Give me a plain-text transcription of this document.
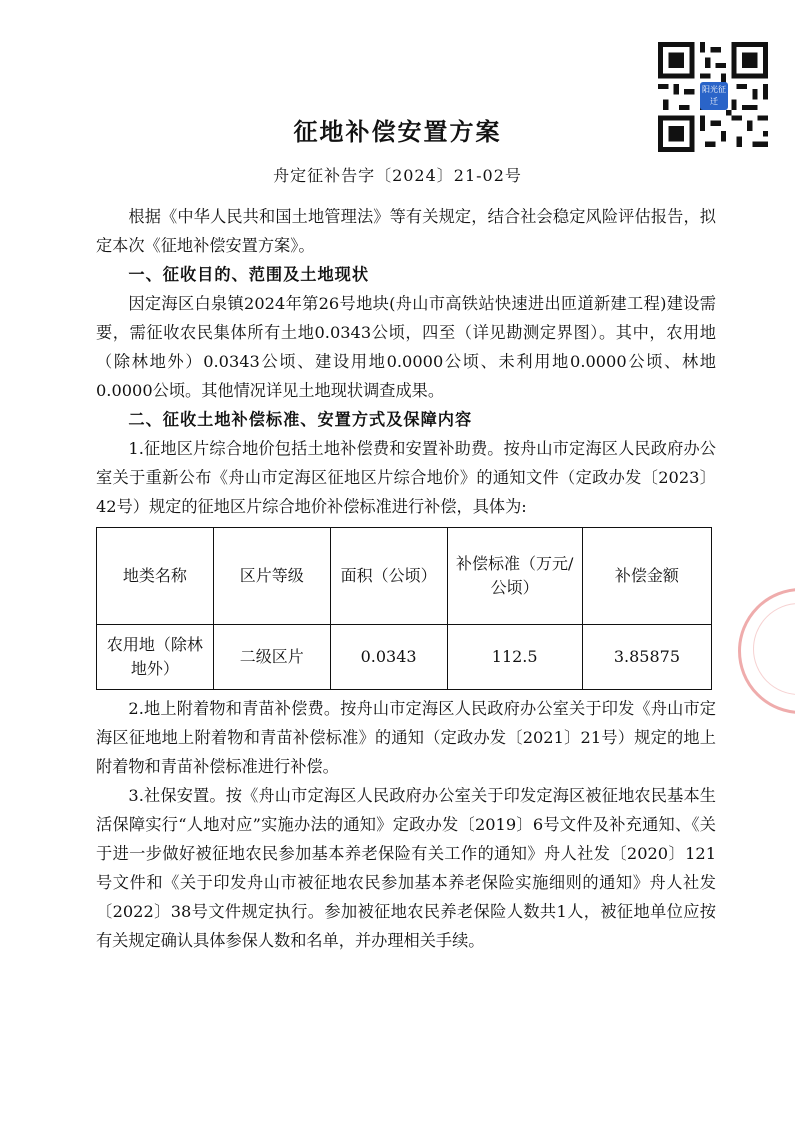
阳光征迁
征地补偿安置方案
舟定征补告字〔2024〕21-02号

根据《中华人民共和国土地管理法》等有关规定，结合社会稳定风险评估报告，拟定本次《征地补偿安置方案》。

一、征收目的、范围及土地现状

因定海区白泉镇2024年第26号地块(舟山市高铁站快速进出匝道新建工程)建设需要，需征收农民集体所有土地0.0343公顷，四至（详见勘测定界图）。其中，农用地（除林地外）0.0343公顷、建设用地0.0000公顷、未利用地0.0000公顷、林地0.0000公顷。其他情况详见土地现状调查成果。

二、征收土地补偿标准、安置方式及保障内容

1.征地区片综合地价包括土地补偿费和安置补助费。按舟山市定海区人民政府办公室关于重新公布《舟山市定海区征地区片综合地价》的通知文件（定政办发〔2023〕42号）规定的征地区片综合地价补偿标准进行补偿，具体为:

地类名称	区片等级	面积（公顷）	补偿标准（万元/公顷）	补偿金额
农用地（除林地外）	二级区片	0.0343	112.5	3.85875

2.地上附着物和青苗补偿费。按舟山市定海区人民政府办公室关于印发《舟山市定海区征地地上附着物和青苗补偿标准》的通知（定政办发〔2021〕21号）规定的地上附着物和青苗补偿标准进行补偿。

3.社保安置。按《舟山市定海区人民政府办公室关于印发定海区被征地农民基本生活保障实行“人地对应”实施办法的通知》定政办发〔2019〕6号文件及补充通知、《关于进一步做好被征地农民参加基本养老保险有关工作的通知》舟人社发〔2020〕121号文件和《关于印发舟山市被征地农民参加基本养老保险实施细则的通知》舟人社发〔2022〕38号文件规定执行。参加被征地农民养老保险人数共1人，被征地单位应按有关规定确认具体参保人数和名单，并办理相关手续。
